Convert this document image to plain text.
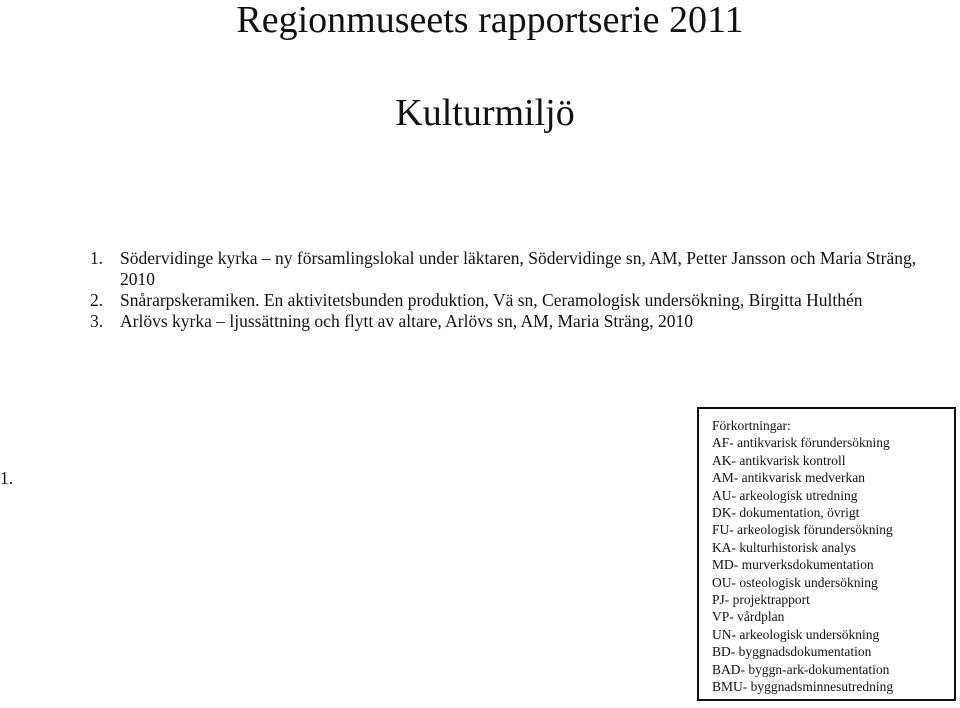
Regionmuseets rapportserie 2011
Kulturmiljö
1. Södervidinge kyrka – ny församlingslokal under läktaren, Södervidinge sn, AM, Petter Jansson och Maria Sträng, 2010
2. Snårarpskeramiken. En aktivitetsbunden produktion, Vä sn, Ceramologisk undersökning, Birgitta Hulthén
3. Arlövs kyrka – ljussättning och flytt av altare, Arlövs sn, AM, Maria Sträng, 2010
1.
Förkortningar:
AF- antikvarisk förundersökning
AK- antikvarisk kontroll
AM- antikvarisk medverkan
AU- arkeologisk utredning
DK- dokumentation, övrigt
FU- arkeologisk förundersökning
KA- kulturhistorisk analys
MD- murverksdokumentation
OU- osteologisk undersökning
PJ- projektrapport
VP- vårdplan
UN- arkeologisk undersökning
BD- byggnadsdokumentation
BAD- byggn-ark-dokumentation
BMU- byggnadsminnesutredning
